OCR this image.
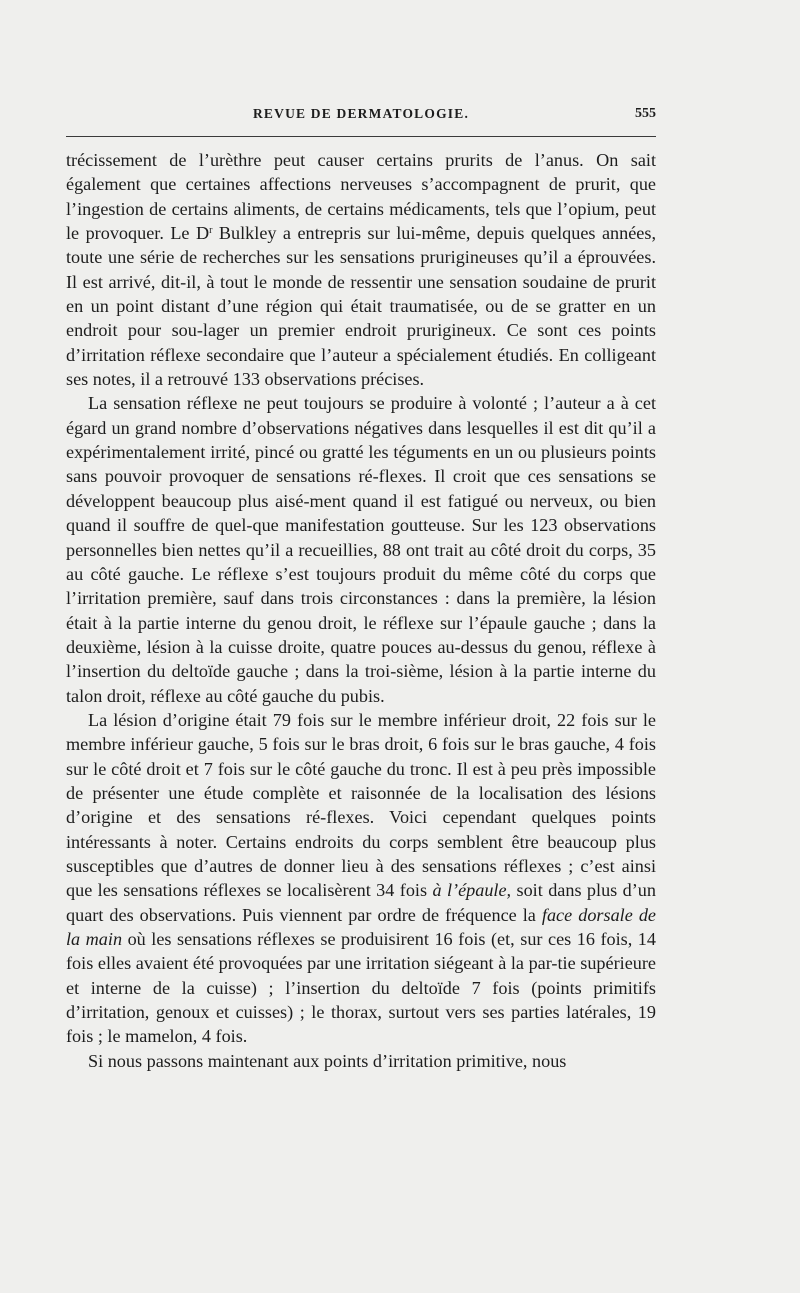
REVUE DE DERMATOLOGIE.	555

trécissement de l’urèthre peut causer certains prurits de l’anus. On sait également que certaines affections nerveuses s’accompagnent de prurit, que l’ingestion de certains aliments, de certains médicaments, tels que l’opium, peut le provoquer. Le $D^r$ Bulkley a entrepris sur lui-même, depuis quelques années, toute une série de recherches sur les sensations prurigineuses qu’il a éprouvées. Il est arrivé, dit-il, à tout le monde de ressentir une sensation soudaine de prurit en un point distant d’une région qui était traumatisée, ou de se gratter en un endroit pour sou-lager un premier endroit prurigineux. Ce sont ces points d’irritation réflexe secondaire que l’auteur a spécialement étudiés. En colligeant ses notes, il a retrouvé 133 observations précises.

La sensation réflexe ne peut toujours se produire à volonté ; l’auteur a à cet égard un grand nombre d’observations négatives dans lesquelles il est dit qu’il a expérimentalement irrité, pincé ou gratté les téguments en un ou plusieurs points sans pouvoir provoquer de sensations ré-flexes. Il croit que ces sensations se développent beaucoup plus aisé-ment quand il est fatigué ou nerveux, ou bien quand il souffre de quel-que manifestation goutteuse. Sur les 123 observations personnelles bien nettes qu’il a recueillies, 88 ont trait au côté droit du corps, 35 au côté gauche. Le réflexe s’est toujours produit du même côté du corps que l’irritation première, sauf dans trois circonstances : dans la première, la lésion était à la partie interne du genou droit, le réflexe sur l’épaule gauche ; dans la deuxième, lésion à la cuisse droite, quatre pouces au-dessus du genou, réflexe à l’insertion du deltoïde gauche ; dans la troi-sième, lésion à la partie interne du talon droit, réflexe au côté gauche du pubis.

La lésion d’origine était 79 fois sur le membre inférieur droit, 22 fois sur le membre inférieur gauche, 5 fois sur le bras droit, 6 fois sur le bras gauche, 4 fois sur le côté droit et 7 fois sur le côté gauche du tronc. Il est à peu près impossible de présenter une étude complète et raisonnée de la localisation des lésions d’origine et des sensations ré-flexes. Voici cependant quelques points intéressants à noter. Certains endroits du corps semblent être beaucoup plus susceptibles que d’autres de donner lieu à des sensations réflexes ; c’est ainsi que les sensations réflexes se localisèrent 34 fois à l’épaule, soit dans plus d’un quart des observations. Puis viennent par ordre de fréquence la face dorsale de la main où les sensations réflexes se produisirent 16 fois (et, sur ces 16 fois, 14 fois elles avaient été provoquées par une irritation siégeant à la par-tie supérieure et interne de la cuisse) ; l’insertion du deltoïde 7 fois (points primitifs d’irritation, genoux et cuisses) ; le thorax, surtout vers ses parties latérales, 19 fois ; le mamelon, 4 fois.

Si nous passons maintenant aux points d’irritation primitive, nous
